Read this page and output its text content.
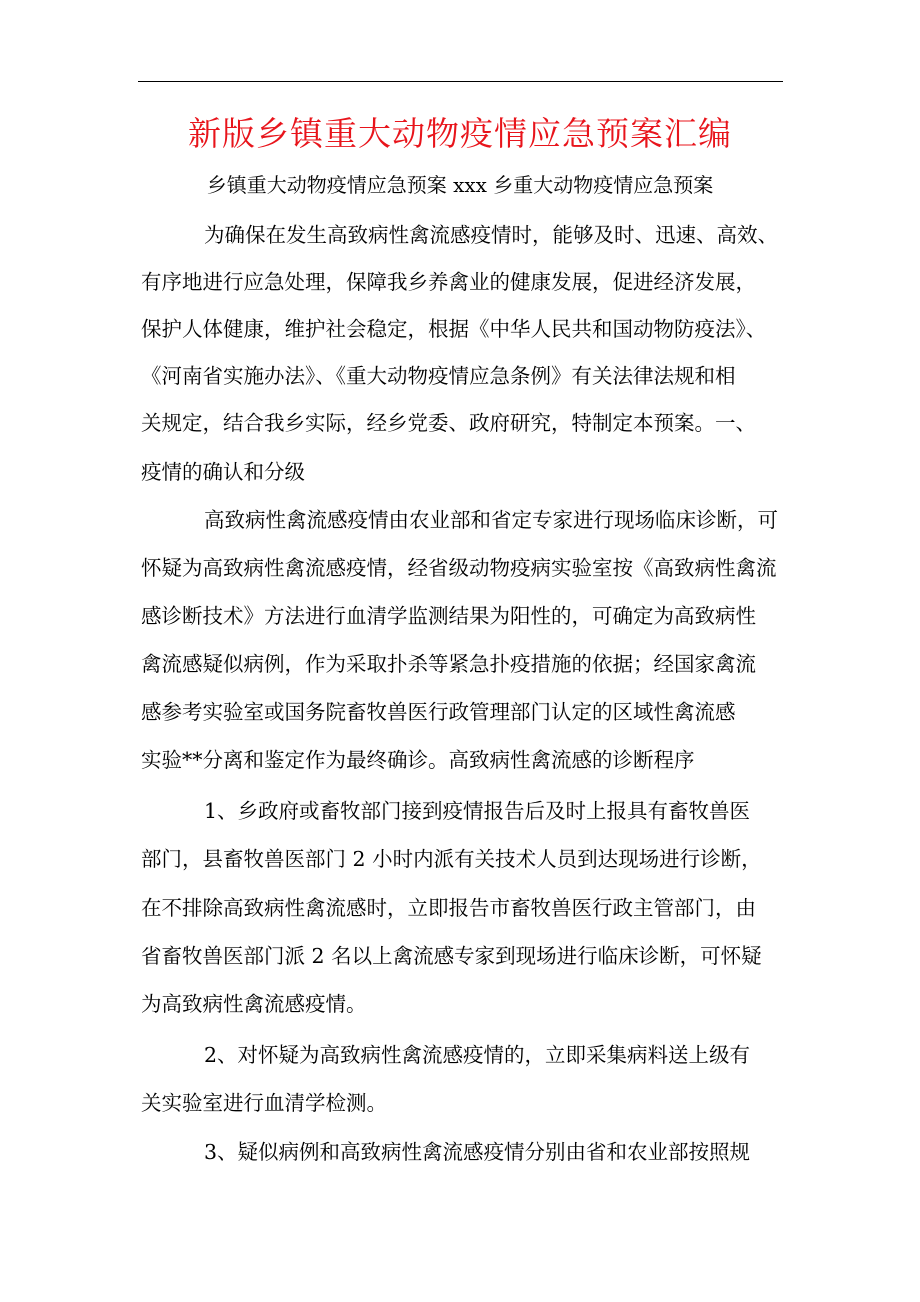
新版乡镇重大动物疫情应急预案汇编
乡镇重大动物疫情应急预案 xxx 乡重大动物疫情应急预案
为确保在发生高致病性禽流感疫情时，能够及时、迅速、高效、
有序地进行应急处理，保障我乡养禽业的健康发展，促进经济发展，
保护人体健康，维护社会稳定，根据《中华人民共和国动物防疫法》、
《河南省实施办法》、《重大动物疫情应急条例》有关法律法规和相
关规定，结合我乡实际，经乡党委、政府研究，特制定本预案。一、
疫情的确认和分级
高致病性禽流感疫情由农业部和省定专家进行现场临床诊断，可
怀疑为高致病性禽流感疫情，经省级动物疫病实验室按《高致病性禽流
感诊断技术》方法进行血清学监测结果为阳性的，可确定为高致病性
禽流感疑似病例，作为采取扑杀等紧急扑疫措施的依据；经国家禽流
感参考实验室或国务院畜牧兽医行政管理部门认定的区域性禽流感
实验**分离和鉴定作为最终确诊。高致病性禽流感的诊断程序
1、乡政府或畜牧部门接到疫情报告后及时上报具有畜牧兽医
部门，县畜牧兽医部门 2 小时内派有关技术人员到达现场进行诊断，
在不排除高致病性禽流感时，立即报告市畜牧兽医行政主管部门，由
省畜牧兽医部门派 2 名以上禽流感专家到现场进行临床诊断，可怀疑
为高致病性禽流感疫情。
2、对怀疑为高致病性禽流感疫情的，立即采集病料送上级有
关实验室进行血清学检测。
3、疑似病例和高致病性禽流感疫情分别由省和农业部按照规
